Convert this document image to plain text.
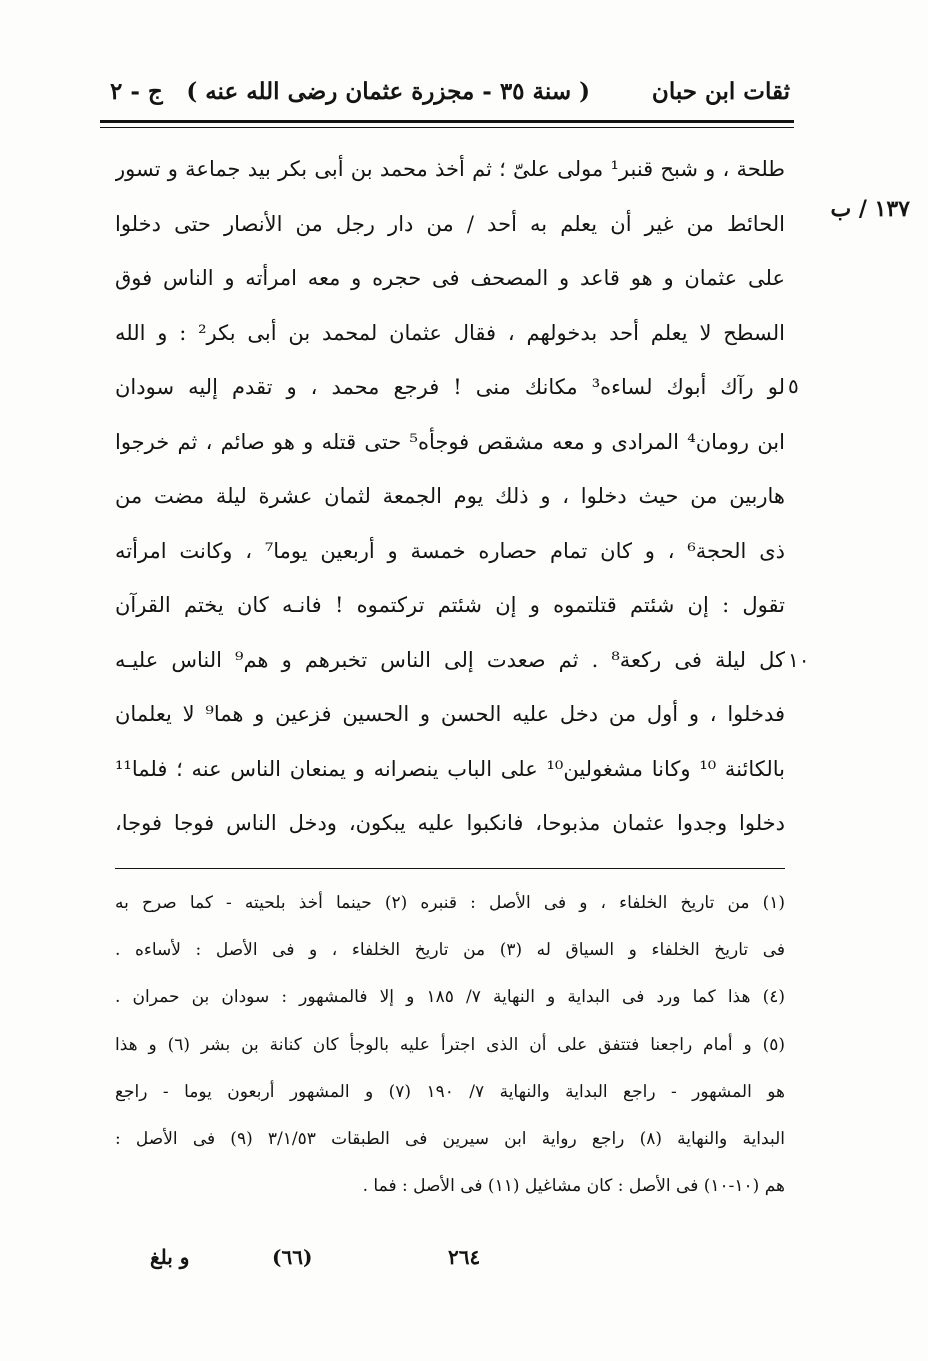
ثقات ابن حبان
( سنة ٣٥ - مجزرة عثمان رضى الله عنه )
ج - ٢
١٣٧ / ب
٥
١٠
طلحة ، و شبح قنبر¹ مولى علىّ ؛ ثم أخذ محمد بن أبى بكر بيد جماعة و تسور
الحائط من غير أن يعلم به أحد / من دار رجل من الأنصار حتى دخلوا
على عثمان و هو قاعد و المصحف فى حجره و معه امرأته و الناس فوق
السطح لا يعلم أحد بدخولهم ، فقال عثمان لمحمد بن أبى بكر² : و الله
لو رآك أبوك لساءه³ مكانك منى ! فرجع محمد ، و تقدم إليه سودان
ابن رومان⁴ المرادى و معه مشقص فوجأه⁵ حتى قتله و هو صائم ، ثم خرجوا
هاربين من حيث دخلوا ، و ذلك يوم الجمعة لثمان عشرة ليلة مضت من
ذى الحجة⁶ ، و كان تمام حصاره خمسة و أربعين يوما⁷ ، وكانت امرأته
تقول : إن شئتم قتلتموه و إن شئتم تركتموه ! فانـه كان يختم القرآن
كل ليلة فى ركعة⁸ . ثم صعدت إلى الناس تخبرهم و هم⁹ الناس عليـه
فدخلوا ، و أول من دخل عليه الحسن و الحسين فزعين و هما⁹ لا يعلمان
بالكائنة ¹⁰ وكانا مشغولين¹⁰ على الباب ينصرانه و يمنعان الناس عنه ؛ فلما¹¹
دخلوا وجدوا عثمان مذبوحا، فانكبوا عليه يبكون، ودخل الناس فوجا فوجا،
(١) من تاريخ الخلفاء ، و فى الأصل : قنبره (٢) حينما أخذ بلحيته - كما صرح به
فى تاريخ الخلفاء و السياق له (٣) من تاريخ الخلفاء ، و فى الأصل : لأساءه .
(٤) هذا كما ورد فى البداية و النهاية ٧/ ١٨٥ و إلا فالمشهور : سودان بن حمران .
(٥) و أمام راجعنا فتتفق على أن الذى اجترأ عليه بالوجأ كان كنانة بن بشر (٦) و هذا
هو المشهور - راجع البداية والنهاية ٧/ ١٩٠ (٧) و المشهور أربعون يوما - راجع
البداية والنهاية (٨) راجع رواية ابن سيرين فى الطبقات ٣/١/٥٣ (٩) فى الأصل :
هم (١٠-١٠) فى الأصل : كان مشاغيل (١١) فى الأصل : فما .
و بلغ	(٦٦)	٢٦٤
